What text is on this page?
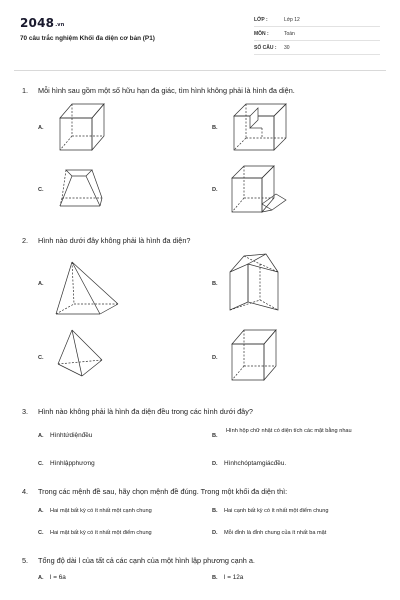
2048.vn
70 câu trắc nghiệm Khối đa diện cơ bản (P1)
LỚP :	Lớp 12
MÔN :	Toán
SỐ CÂU : 30
1. Mỗi hình sau gồm một số hữu hạn đa giác, tìm hình không phải là hình đa diện.
A.	B.
C.	D.
2. Hình nào dưới đây không phải là hình đa diện?
A.	B.
C.	D.
3. Hình nào không phải là hình đa diện đều trong các hình dưới đây?
A. Hìnhtứdiệnđều	B.
Hình hộp chữ nhật có diện tích các mặt bằng nhau
C. Hìnhlậpphương	D. Hìnhchóptamgiácđều.
4. Trong các mệnh đề sau, hãy chọn mệnh đề đúng. Trong một khối đa diện thì:
A. Hai mặt bất kỳ có ít nhất một cạnh chung	B. Hai cạnh bất kỳ có ít nhất một điểm chung
C. Hai mặt bất kỳ có ít nhất một điểm chung	D. Mỗi đỉnh là đỉnh chung của ít nhất ba mặt
5. Tổng độ dài l của tất cả các cạnh của một hình lập phương cạnh a.
A. l = 6a	B. l = 12a
